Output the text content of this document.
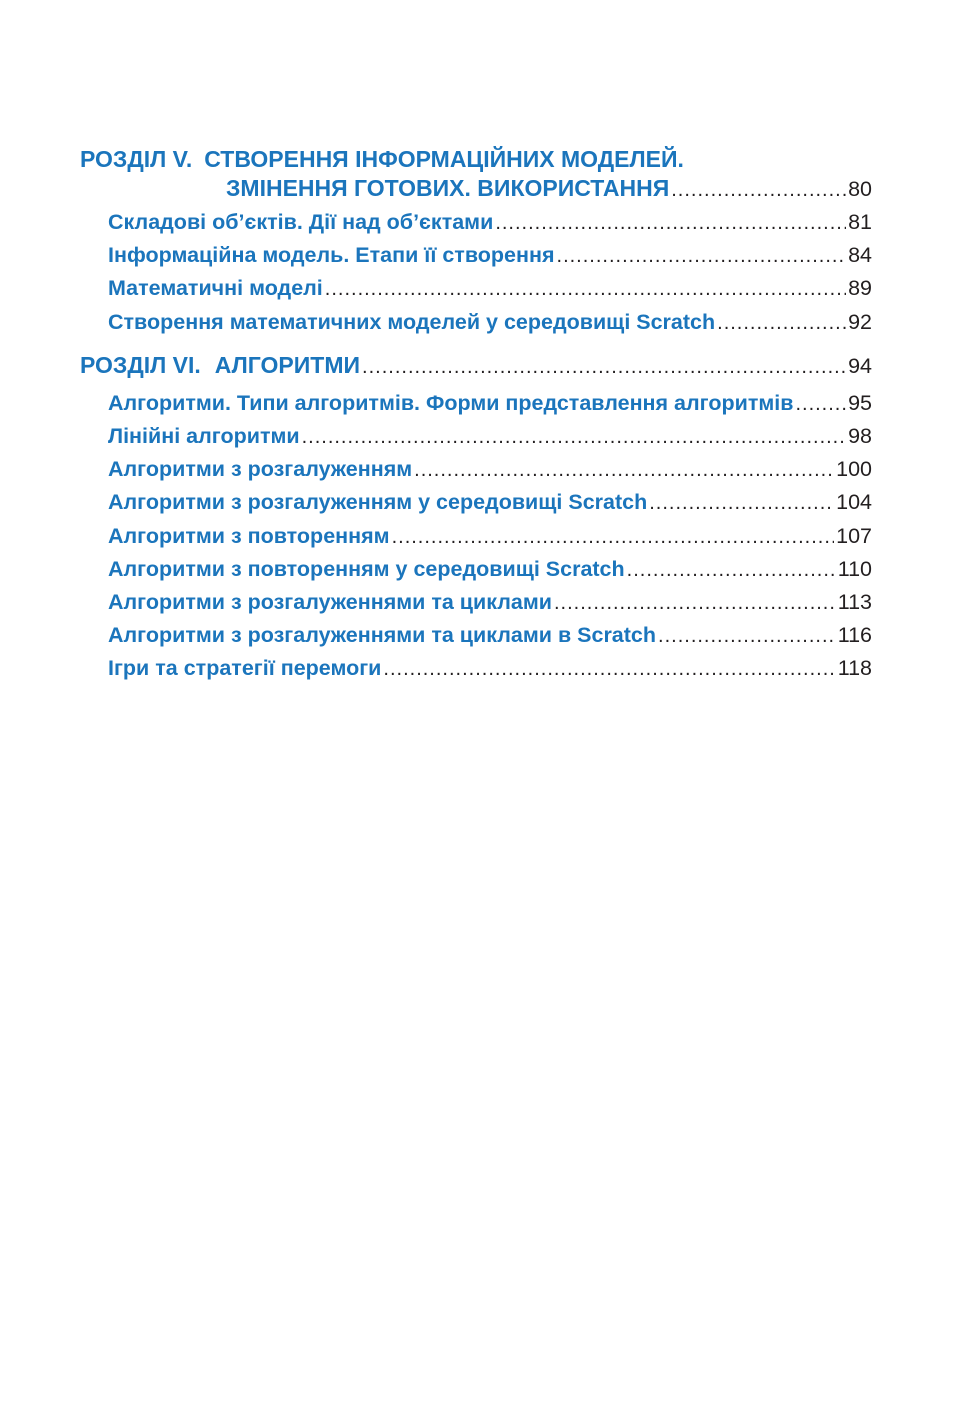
РОЗДІЛ V. СТВОРЕННЯ ІНФОРМАЦІЙНИХ МОДЕЛЕЙ.
ЗМІНЕННЯ ГОТОВИХ. ВИКОРИСТАННЯ .....	80
Складові об’єктів. Дії над об’єктами .....	81
Інформаційна модель. Етапи її створення .....	84
Математичні моделі .....	89
Створення математичних моделей у середовищі Scratch .....	92
РОЗДІЛ VI. АЛГОРИТМИ .....	94
Алгоритми. Типи алгоритмів. Форми представлення алгоритмів .....	95
Лінійні алгоритми .....	98
Алгоритми з розгалуженням .....	100
Алгоритми з розгалуженням у середовищі Scratch .....	104
Алгоритми з повторенням .....	107
Алгоритми з повторенням у середовищі Scratch .....	110
Алгоритми з розгалуженнями та циклами .....	113
Алгоритми з розгалуженнями та циклами в Scratch .....	116
Ігри та стратегії перемоги .....	118
